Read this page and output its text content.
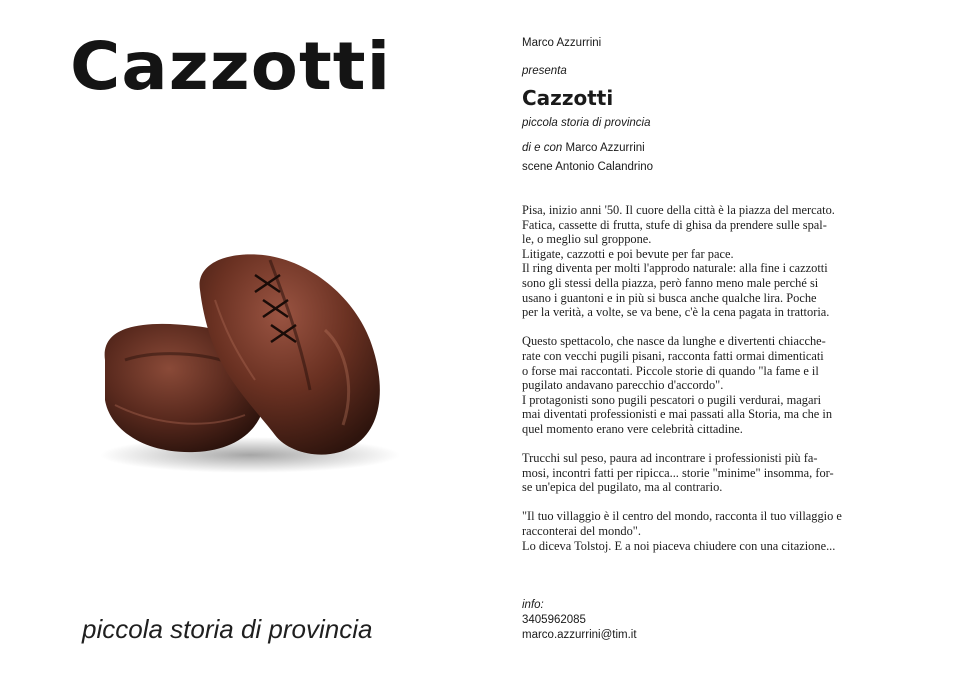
Cazzotti
piccola storia di provincia
Marco Azzurrini
presenta
Cazzotti
piccola storia di provincia
di e con Marco Azzurrini
scene Antonio Calandrino

Pisa, inizio anni '50. Il cuore della città è la piazza del mercato.
Fatica, cassette di frutta, stufe di ghisa da prendere sulle spal-
le, o meglio sul groppone.
Litigate, cazzotti e poi bevute per far pace.
Il ring diventa per molti l'approdo naturale: alla fine i cazzotti
sono gli stessi della piazza, però fanno meno male perché si
usano i guantoni e in più si busca anche qualche lira. Poche
per la verità, a volte, se va bene, c'è la cena pagata in trattoria.

Questo spettacolo, che nasce da lunghe e divertenti chiacche-
rate con vecchi pugili pisani, racconta fatti ormai dimenticati
o forse mai raccontati. Piccole storie di quando "la fame e il
pugilato andavano parecchio d'accordo".
I protagonisti sono pugili pescatori o pugili verdurai, magari
mai diventati professionisti e mai passati alla Storia, ma che in
quel momento erano vere celebrità cittadine.

Trucchi sul peso, paura ad incontrare i professionisti più fa-
mosi, incontri fatti per ripicca... storie "minime" insomma, for-
se un'epica del pugilato, ma al contrario.

"Il tuo villaggio è il centro del mondo, racconta il tuo villaggio e
racconterai del mondo".
Lo diceva Tolstoj. E a noi piaceva chiudere con una citazione...

info:
3405962085
marco.azzurrini@tim.it
